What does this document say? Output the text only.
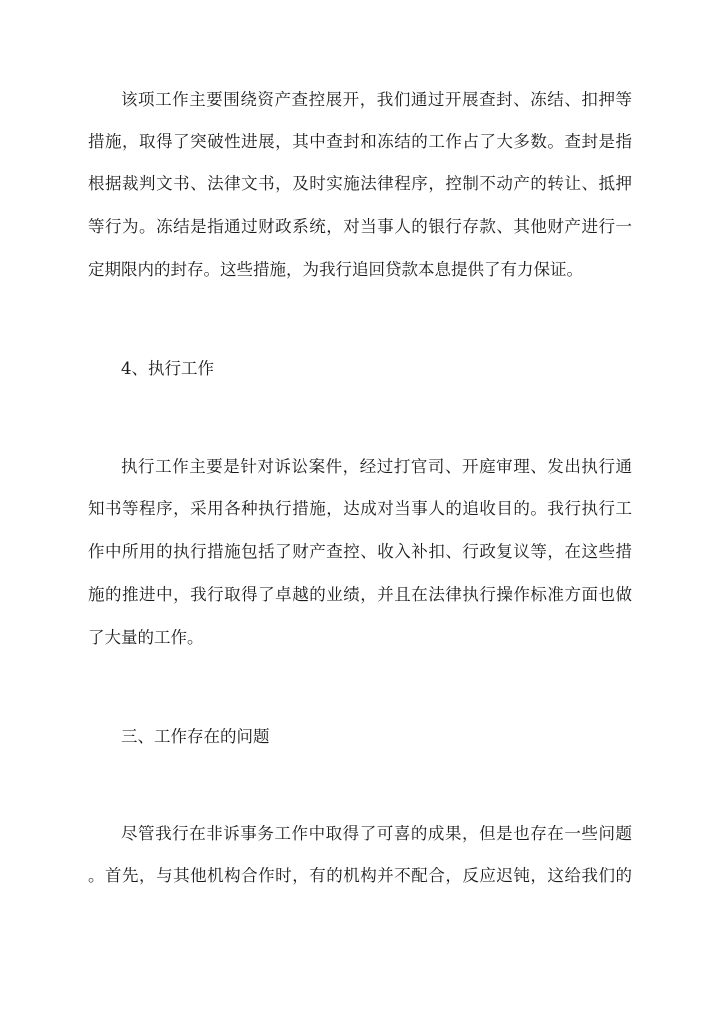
该项工作主要围绕资产查控展开，我们通过开展查封、冻结、扣押等
措施，取得了突破性进展，其中查封和冻结的工作占了大多数。查封是指
根据裁判文书、法律文书，及时实施法律程序，控制不动产的转让、抵押
等行为。冻结是指通过财政系统，对当事人的银行存款、其他财产进行一
定期限内的封存。这些措施，为我行追回贷款本息提供了有力保证。
4、执行工作
执行工作主要是针对诉讼案件，经过打官司、开庭审理、发出执行通
知书等程序，采用各种执行措施，达成对当事人的追收目的。我行执行工
作中所用的执行措施包括了财产查控、收入补扣、行政复议等，在这些措
施的推进中，我行取得了卓越的业绩，并且在法律执行操作标准方面也做
了大量的工作。
三、工作存在的问题
尽管我行在非诉事务工作中取得了可喜的成果，但是也存在一些问题
。首先，与其他机构合作时，有的机构并不配合，反应迟钝，这给我们的
